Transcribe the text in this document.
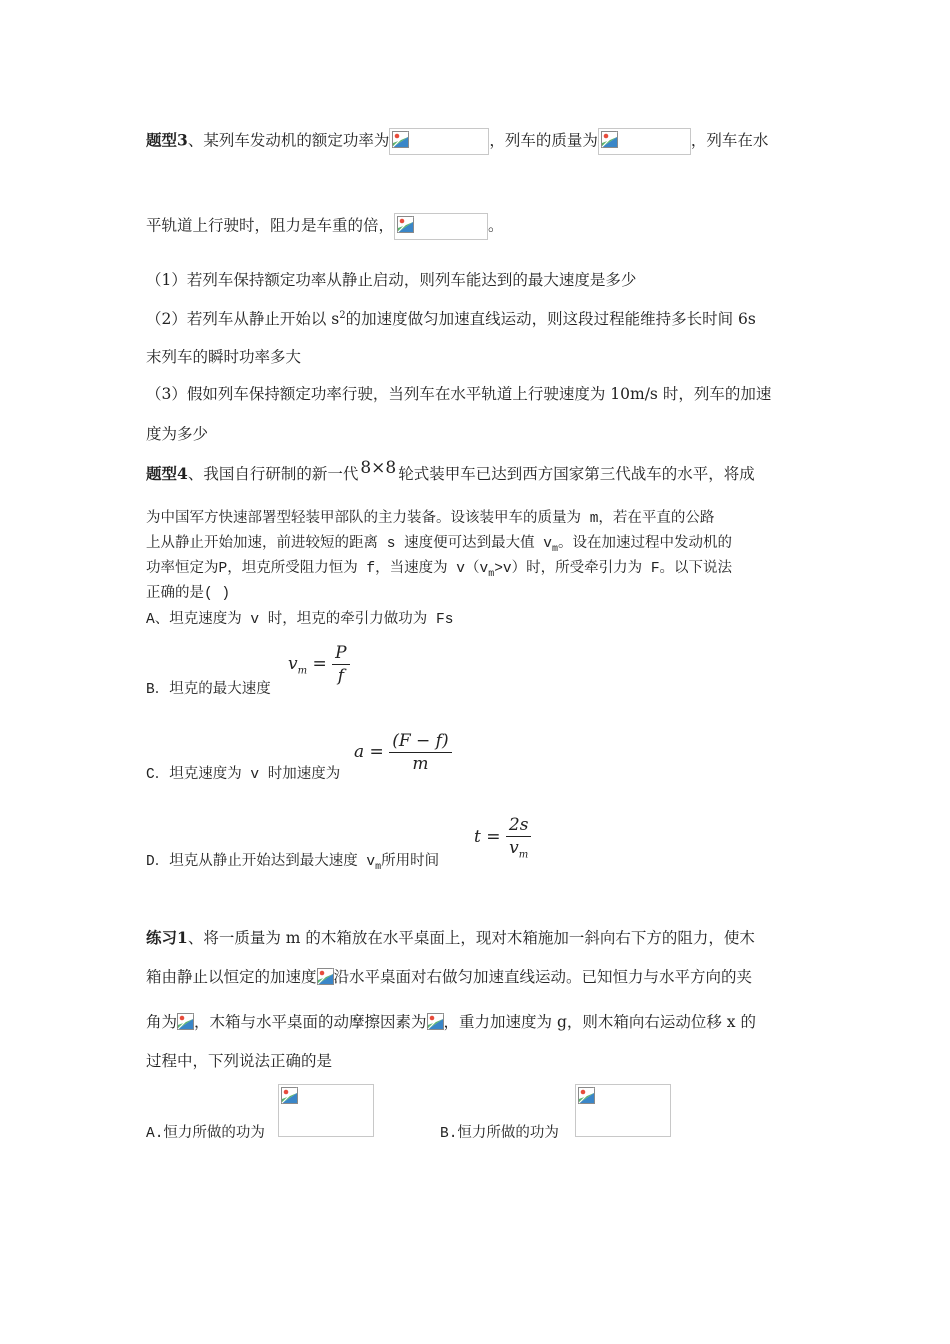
题型3、某列车发动机的额定功率为	，列车的质量为	，列车在水
平轨道上行驶时，阻力是车重的倍，	。
（1）若列车保持额定功率从静止启动，则列车能达到的最大速度是多少
（2）若列车从静止开始以 $s^2$的加速度做匀加速直线运动，则这段过程能维持多长时间 6s
末列车的瞬时功率多大
（3）假如列车保持额定功率行驶，当列车在水平轨道上行驶速度为 10m/s 时，列车的加速
度为多少
题型4、我国自行研制的新一代 8×8 轮式装甲车已达到西方国家第三代战车的水平，将成
为中国军方快速部署型轻装甲部队的主力装备。设该装甲车的质量为 m，若在平直的公路
上从静止开始加速，前进较短的距离 s 速度便可达到最大值 $v_m$。设在加速过程中发动机的
功率恒定为P，坦克所受阻力恒为 f，当速度为 $v(v_m>v)$时，所受牵引力为 F。以下说法
正确的是( )
A、坦克速度为 v 时，坦克的牵引力做功为 Fs
B．坦克的最大速度
$v_m = \frac{P}{f}$
C．坦克速度为 v 时加速度为
$a = \frac{(F - f)}{m}$
D．坦克从静止开始达到最大速度 $v_m$所用时间
$t = \frac{2s}{v_m}$
练习1、将一质量为 m 的木箱放在水平桌面上，现对木箱施加一斜向右下方的阻力，使木
箱由静止以恒定的加速度 沿水平桌面对右做匀加速直线运动。已知恒力与水平方向的夹
角为 ，木箱与水平桌面的动摩擦因素为 ，重力加速度为 g，则木箱向右运动位移 x 的
过程中，下列说法正确的是
A.恒力所做的功为	B.恒力所做的功为
